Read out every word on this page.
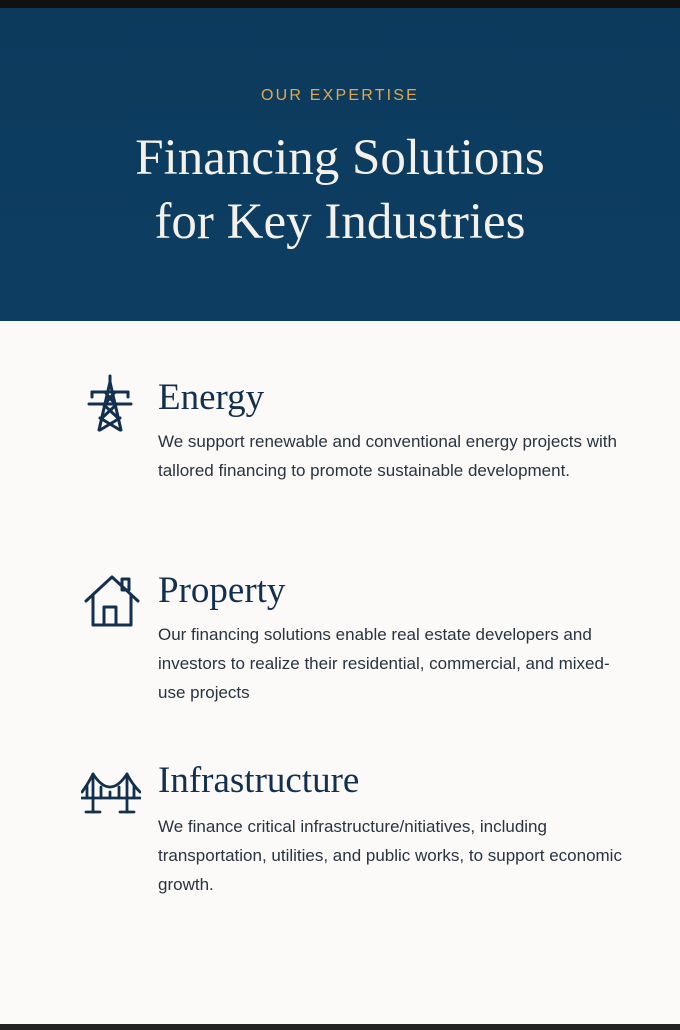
OUR EXPERTISE
Financing Solutions
for Key Industries
Energy

We support renewable and conventional energy projects with tallored financing to promote sustainable development.

Property

Our financing solutions enable real estate developers and investors to realize their residential, commercial, and mixed-use projects

Infrastructure

We finance critical infrastructure/nitiatives, including transportation, utilities, and public works, to support economic growth.
